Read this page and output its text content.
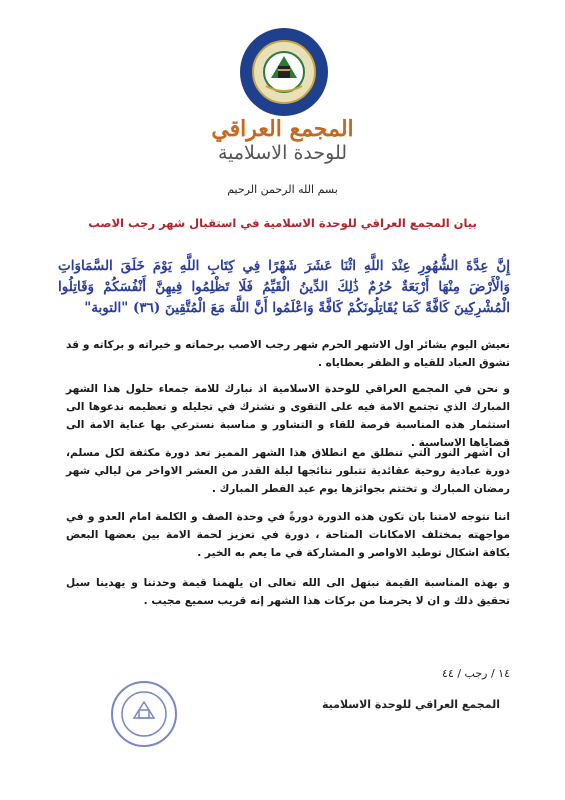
المجمع العراقي
للوحدة الاسلامية
بسم الله الرحمن الرحيم
بيان المجمع العراقي للوحدة الاسلامية في استقبال شهر رجب الاصب
إِنَّ عِدَّةَ الشُّهُورِ عِنْدَ اللَّهِ اثْنَا عَشَرَ شَهْرًا فِي كِتَابِ اللَّهِ يَوْمَ خَلَقَ السَّمَاوَاتِ وَالْأَرْضَ مِنْهَا أَرْبَعَةٌ حُرُمٌ ذَٰلِكَ الدِّينُ الْقَيِّمُ فَلَا تَظْلِمُوا فِيهِنَّ أَنْفُسَكُمْ وَقَاتِلُوا الْمُشْرِكِينَ كَافَّةً كَمَا يُقَاتِلُونَكُمْ كَافَّةً وَاعْلَمُوا أَنَّ اللَّهَ مَعَ الْمُتَّقِينَ (٣٦) "التوبة"
نعيش اليوم بشائر اول الاشهر الحرم شهر رجب الاصب برحماته و خيراته و بركاته و قد تشوق العباد للقياه و الظفر بعطاياه .
و نحن في المجمع العراقي للوحدة الاسلامية اذ نبارك للامة جمعاء حلول هذا الشهر المبارك الذي تجتمع الامة فيه على التقوى و تشترك في تجليله و تعظيمه ندعوها الى استثمار هذه المناسبة فرصة للقاء و التشاور و مناسبة نسترعي بها عناية الامة الى قضاياها الاساسية .
ان اشهر النور التي تنطلق مع انطلاق هذا الشهر المميز تعد دورة مكثفة لكل مسلم، دورة عبادية روحية عقائدية تتبلور نتائجها ليلة القدر من العشر الاواخر من ليالي شهر رمضان المبارك و تختتم بجوائزها يوم عيد الفطر المبارك .
اننا نتوجه لامتنا بان تكون هذه الدورة دورةً في وحدة الصف و الكلمة امام العدو و في مواجهته بمختلف الامكانات المتاحة ، دورة في تعزيز لحمة الامة بين بعضها البعض بكافة اشكال توطيد الاواصر و المشاركة في ما يعم به الخير .
و بهذه المناسبة القيمة نبتهل الى الله تعالى ان يلهمنا قيمة وحدتنا و يهدينا سبل تحقيق ذلك و ان لا يحرمنا من بركات هذا الشهر إنه قريب سميع مجيب .
١٤ / رجب / ٤٤
المجمع العراقي للوحدة الاسلامية
